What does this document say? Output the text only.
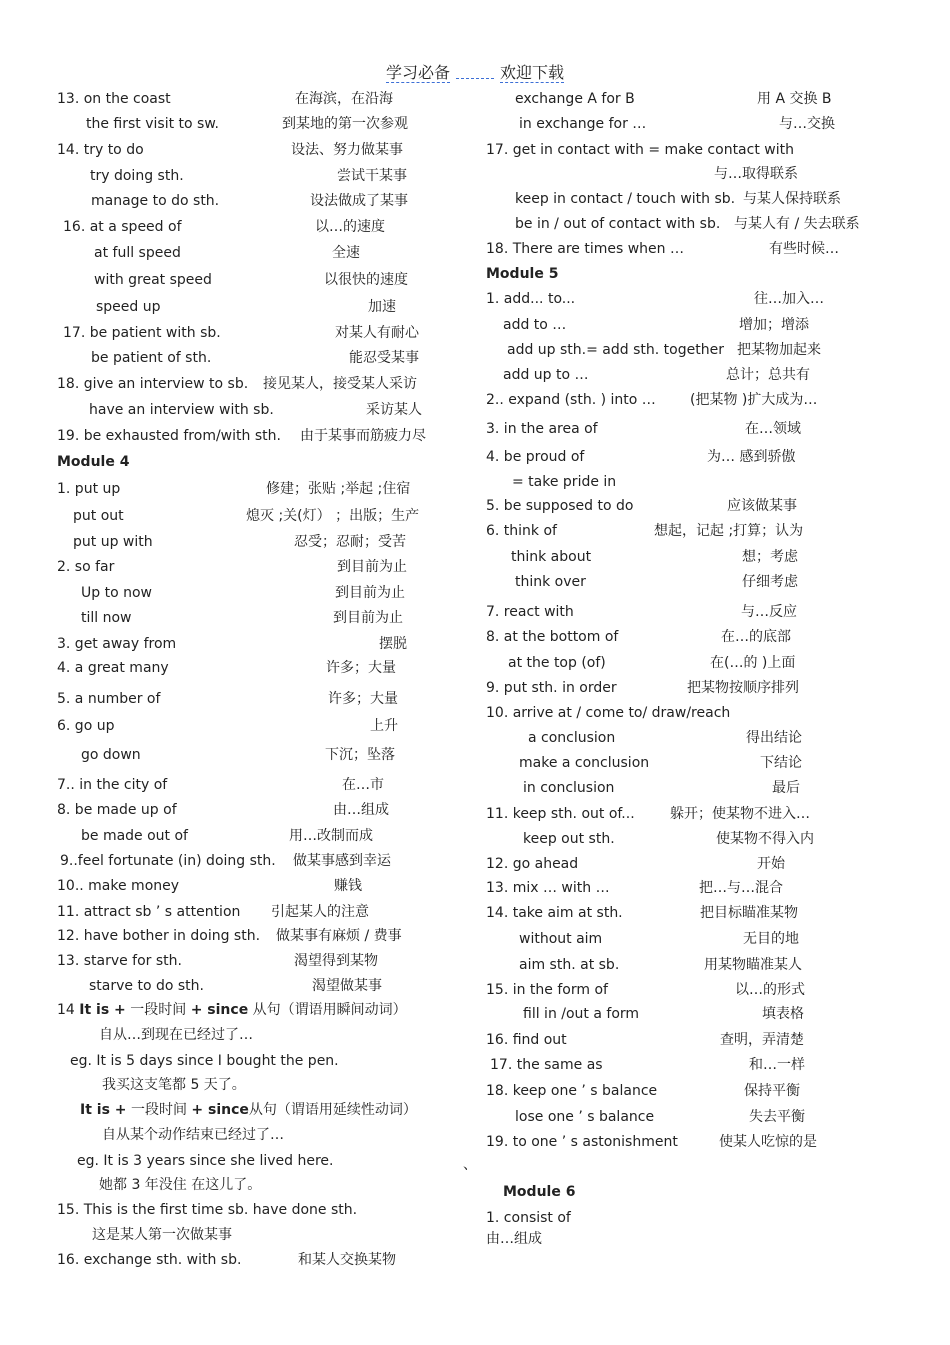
学习必备	欢迎下载
13. on the coast	在海滨，在沿海
the first visit to sw.	到某地的第一次参观
14. try to do	设法、努力做某事
try doing sth.	尝试干某事
manage to do sth.	设法做成了某事
16. at a speed of	以…的速度
at full speed	全速
with great speed	以很快的速度
speed up	加速
17. be patient with sb.	对某人有耐心
be patient of sth.	能忍受某事
18. give an interview to sb. 接见某人，接受某人采访
have an interview with sb.	采访某人
19. be exhausted from/with sth. 由于某事而筋疲力尽
Module 4
1. put up	修建；张贴 ;举起 ;住宿
put out	熄灭 ;关(灯） ；出版；生产
put up with	忍受；忍耐；受苦
2. so far	到目前为止
Up to now	到目前为止
till now	到目前为止
3. get away from	摆脱
4. a great many	许多；大量
5. a number of	许多；大量
6. go up	上升
go down	下沉；坠落
7.. in the city of	在…市
8. be made up of	由…组成
be made out of	用…改制而成
9..feel fortunate (in) doing sth. 做某事感到幸运
10.. make money	赚钱
11. attract sb ’ s attention 引起某人的注意
12. have bother in doing sth. 做某事有麻烦 / 费事
13. starve for sth.	渴望得到某物
starve to do sth.	渴望做某事
14 It is + 一段时间 + since 从句（谓语用瞬间动词）
自从…到现在已经过了…
eg. It is 5 days since I bought the pen.
我买这支笔都 5 天了。
It is + 一段时间 + since从句（谓语用延续性动词）
自从某个动作结束已经过了…
eg. It is 3 years since she lived here.
她都 3 年没住 在这儿了。
15. This is the first time sb. have done sth.
这是某人第一次做某事
16. exchange sth. with sb.	和某人交换某物
exchange A for B	用 A 交换 B
in exchange for …	与…交换
17. get in contact with = make contact with
与…取得联系
keep in contact / touch with sb. 与某人保持联系
be in / out of contact with sb. 与某人有 / 失去联系
18. There are times when …	有些时候…
Module 5
1. add... to...	往…加入…
add to …	增加；增添
add up sth.= add sth. together 把某物加起来
add up to …	总计；总共有
2.. expand (sth. ) into … (把某物 )扩大成为…
3. in the area of	在…领域
4. be proud of	为… 感到骄傲
= take pride in
5. be supposed to do	应该做某事
6. think of	想起，记起 ;打算；认为
think about	想；考虑
think over	仔细考虑
7. react with	与…反应
8. at the bottom of	在…的底部
at the top (of)	在(…的 )上面
9. put sth. in order	把某物按顺序排列
10. arrive at / come to/ draw/reach
a conclusion	得出结论
make a conclusion	下结论
in conclusion	最后
11. keep sth. out of...	躲开；使某物不进入…
keep out sth.	使某物不得入内
12. go ahead	开始
13. mix … with …	把…与…混合
14. take aim at sth.	把目标瞄准某物
without aim	无目的地
aim sth. at sb.	用某物瞄准某人
15. in the form of	以…的形式
fill in /out a form	填表格
16. find out	查明，弄清楚
17. the same as	和…一样
18. keep one ’ s balance	保持平衡
lose one ’ s balance	失去平衡
19. to one ’ s astonishment	使某人吃惊的是
、
Module 6
1. consist of
由…组成
